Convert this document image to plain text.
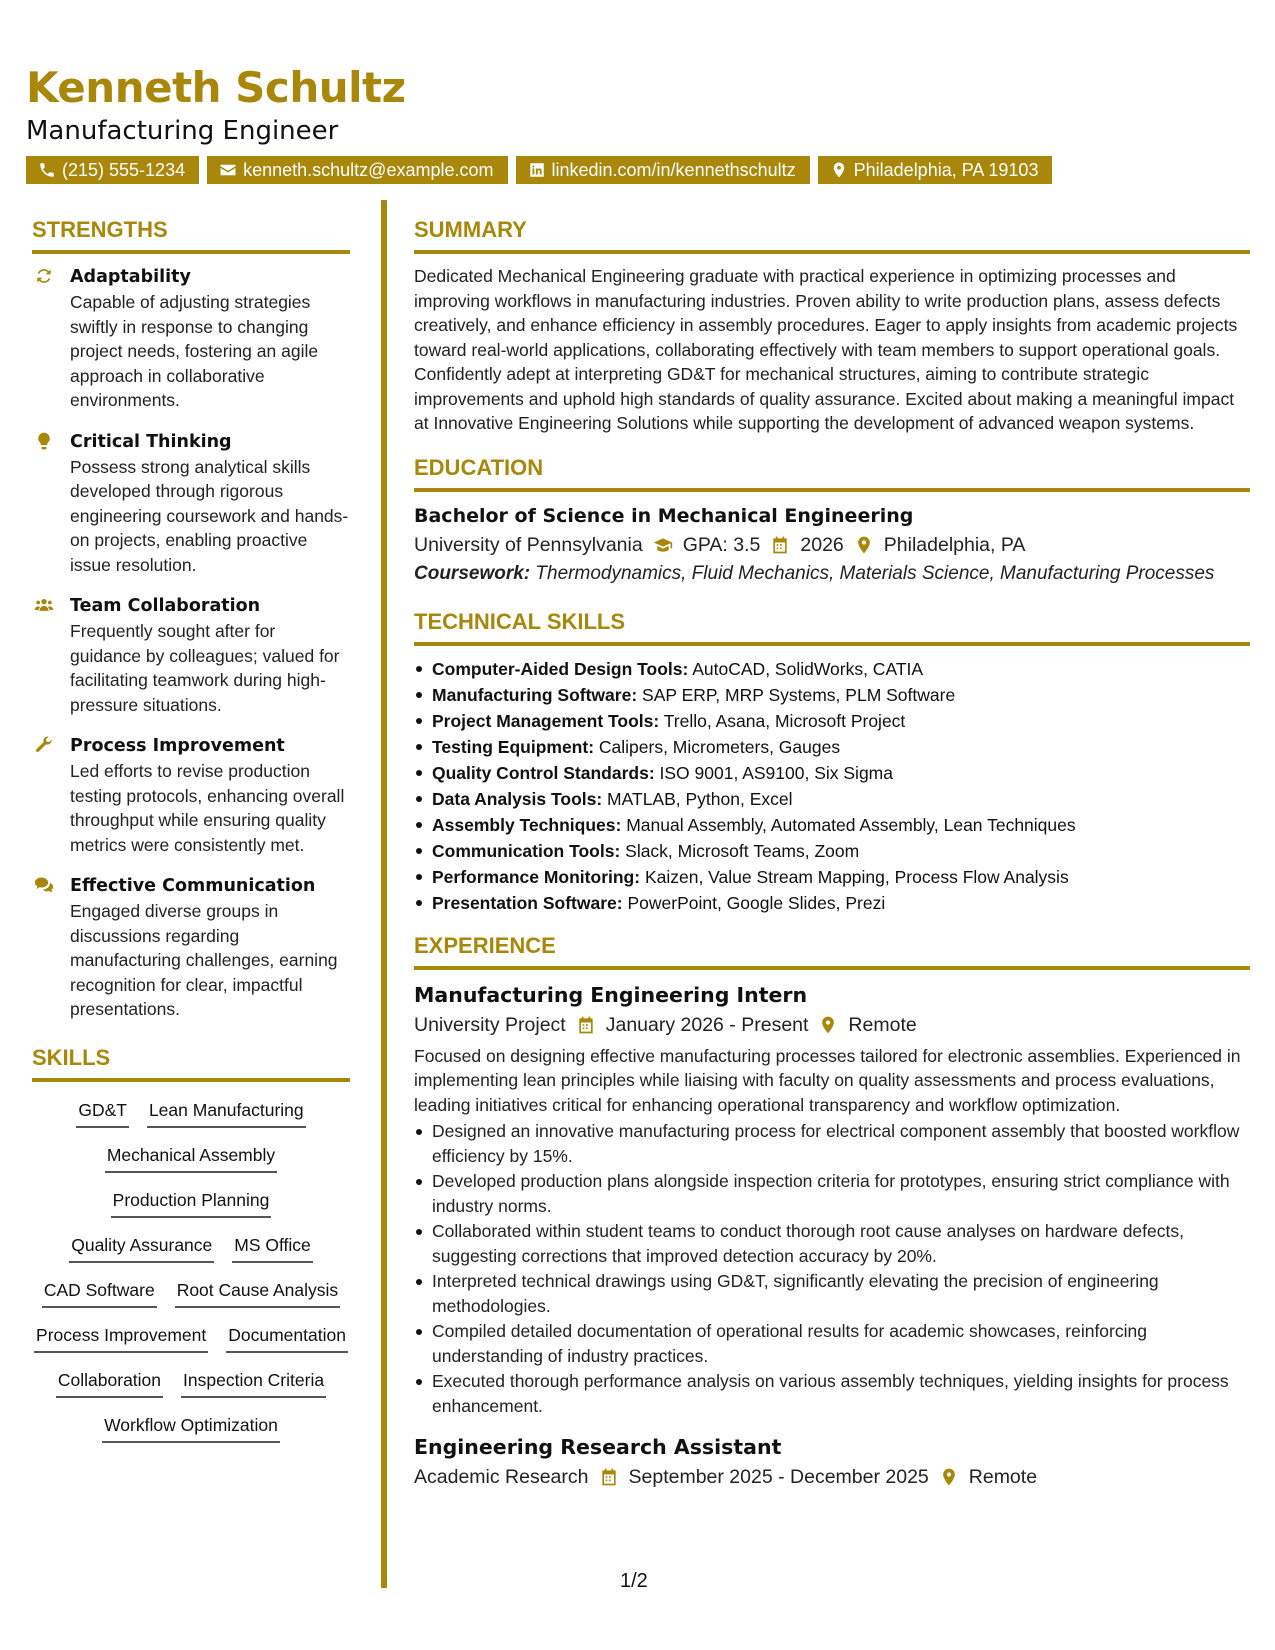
Kenneth Schultz
Manufacturing Engineer
(215) 555-1234	kenneth.schultz@example.com	linkedin.com/in/kennethschultz	Philadelphia, PA 19103
STRENGTHS
Adaptability
Capable of adjusting strategies swiftly in response to changing project needs, fostering an agile approach in collaborative environments.
Critical Thinking
Possess strong analytical skills developed through rigorous engineering coursework and hands-on projects, enabling proactive issue resolution.
Team Collaboration
Frequently sought after for guidance by colleagues; valued for facilitating teamwork during high-pressure situations.
Process Improvement
Led efforts to revise production testing protocols, enhancing overall throughput while ensuring quality metrics were consistently met.
Effective Communication
Engaged diverse groups in discussions regarding manufacturing challenges, earning recognition for clear, impactful presentations.
SKILLS
GD&T Lean Manufacturing
Mechanical Assembly
Production Planning
Quality Assurance MS Office
CAD Software Root Cause Analysis
Process Improvement Documentation
Collaboration Inspection Criteria
Workflow Optimization
SUMMARY

Dedicated Mechanical Engineering graduate with practical experience in optimizing processes and improving workflows in manufacturing industries. Proven ability to write production plans, assess defects creatively, and enhance efficiency in assembly procedures. Eager to apply insights from academic projects toward real-world applications, collaborating effectively with team members to support operational goals. Confidently adept at interpreting GD&T for mechanical structures, aiming to contribute strategic improvements and uphold high standards of quality assurance. Excited about making a meaningful impact at Innovative Engineering Solutions while supporting the development of advanced weapon systems.

EDUCATION
Bachelor of Science in Mechanical Engineering
University of Pennsylvania GPA: 3.5 2026 Philadelphia, PA
Coursework: Thermodynamics, Fluid Mechanics, Materials Science, Manufacturing Processes
TECHNICAL SKILLS
Computer-Aided Design Tools: AutoCAD, SolidWorks, CATIA
Manufacturing Software: SAP ERP, MRP Systems, PLM Software
Project Management Tools: Trello, Asana, Microsoft Project
Testing Equipment: Calipers, Micrometers, Gauges
Quality Control Standards: ISO 9001, AS9100, Six Sigma
Data Analysis Tools: MATLAB, Python, Excel
Assembly Techniques: Manual Assembly, Automated Assembly, Lean Techniques
Communication Tools: Slack, Microsoft Teams, Zoom
Performance Monitoring: Kaizen, Value Stream Mapping, Process Flow Analysis
Presentation Software: PowerPoint, Google Slides, Prezi
EXPERIENCE
Manufacturing Engineering Intern
University Project January 2026 - Present Remote
Focused on designing effective manufacturing processes tailored for electronic assemblies. Experienced in implementing lean principles while liaising with faculty on quality assessments and process evaluations, leading initiatives critical for enhancing operational transparency and workflow optimization.
Designed an innovative manufacturing process for electrical component assembly that boosted workflow efficiency by 15%.
Developed production plans alongside inspection criteria for prototypes, ensuring strict compliance with industry norms.
Collaborated within student teams to conduct thorough root cause analyses on hardware defects, suggesting corrections that improved detection accuracy by 20%.
Interpreted technical drawings using GD&T, significantly elevating the precision of engineering methodologies.
Compiled detailed documentation of operational results for academic showcases, reinforcing understanding of industry practices.
Executed thorough performance analysis on various assembly techniques, yielding insights for process enhancement.
Engineering Research Assistant
Academic Research September 2025 - December 2025 Remote
1/2
